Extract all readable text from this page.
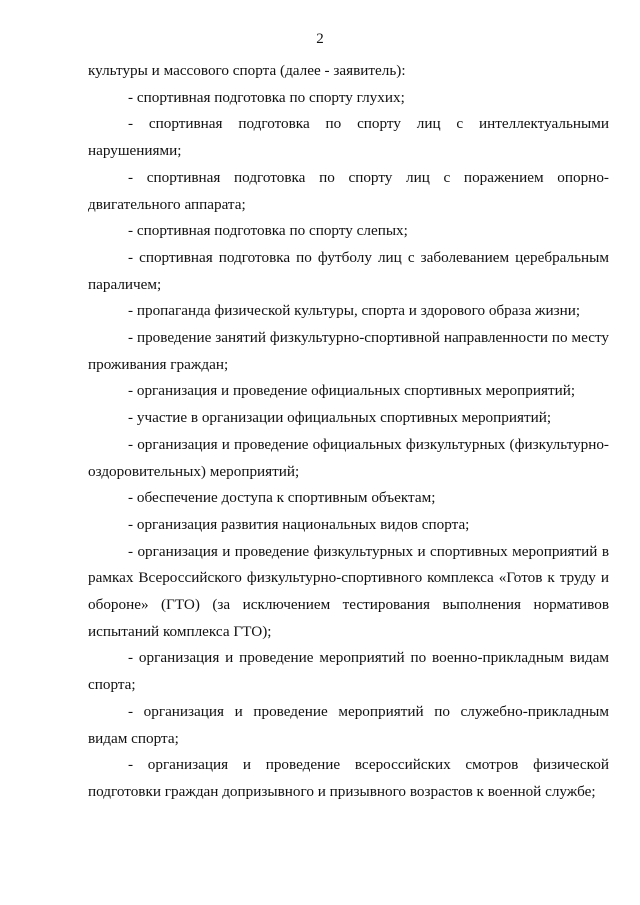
2

культуры и массового спорта (далее - заявитель):

- спортивная подготовка по спорту глухих;

- спортивная подготовка по спорту лиц с интеллектуальными нарушениями;

- спортивная подготовка по спорту лиц с поражением опорно-двигательного аппарата;

- спортивная подготовка по спорту слепых;

- спортивная подготовка по футболу лиц с заболеванием церебральным параличем;

- пропаганда физической культуры, спорта и здорового образа жизни;

- проведение занятий физкультурно-спортивной направленности по месту проживания граждан;

- организация и проведение официальных спортивных мероприятий;

- участие в организации официальных спортивных мероприятий;

- организация и проведение официальных физкультурных (физкультурно-оздоровительных) мероприятий;

- обеспечение доступа к спортивным объектам;

- организация развития национальных видов спорта;

- организация и проведение физкультурных и спортивных мероприятий в рамках Всероссийского физкультурно-спортивного комплекса «Готов к труду и обороне» (ГТО) (за исключением тестирования выполнения нормативов испытаний комплекса ГТО);

- организация и проведение мероприятий по военно-прикладным видам спорта;

- организация и проведение мероприятий по служебно-прикладным видам спорта;

- организация и проведение всероссийских смотров физической подготовки граждан допризывного и призывного возрастов к военной службе;
